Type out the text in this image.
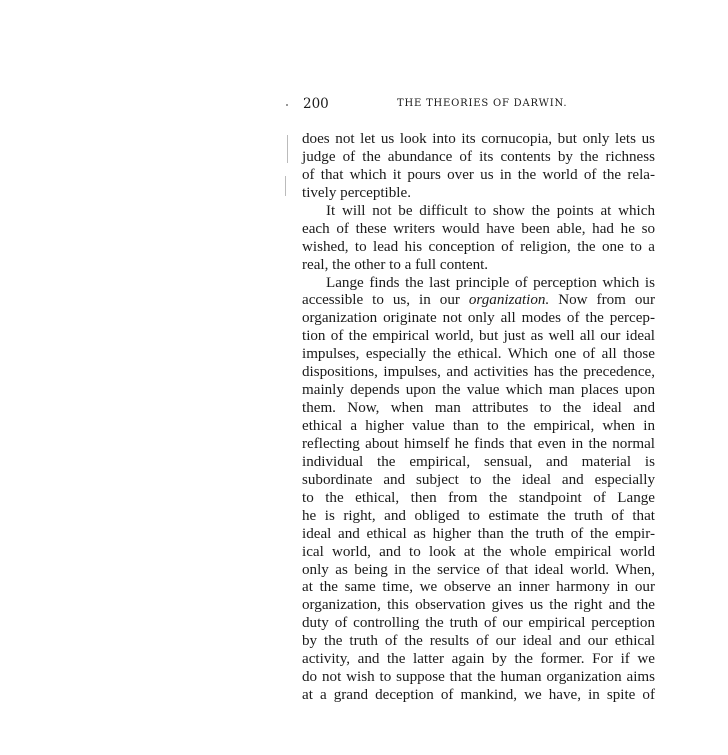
200	THE THEORIES OF DARWIN.
does not let us look into its cornucopia, but only lets us
judge of the abundance of its contents by the richness
of that which it pours over us in the world of the rela-
tively perceptible.
It will not be difficult to show the points at which
each of these writers would have been able, had he so
wished, to lead his conception of religion, the one to a
real, the other to a full content.
Lange finds the last principle of perception which is
accessible to us, in our organization. Now from our
organization originate not only all modes of the percep-
tion of the empirical world, but just as well all our ideal
impulses, especially the ethical. Which one of all those
dispositions, impulses, and activities has the precedence,
mainly depends upon the value which man places upon
them. Now, when man attributes to the ideal and
ethical a higher value than to the empirical, when in
reflecting about himself he finds that even in the normal
individual the empirical, sensual, and material is
subordinate and subject to the ideal and especially
to the ethical, then from the standpoint of Lange
he is right, and obliged to estimate the truth of that
ideal and ethical as higher than the truth of the empir-
ical world, and to look at the whole empirical world
only as being in the service of that ideal world. When,
at the same time, we observe an inner harmony in our
organization, this observation gives us the right and the
duty of controlling the truth of our empirical perception
by the truth of the results of our ideal and our ethical
activity, and the latter again by the former. For if we
do not wish to suppose that the human organization aims
at a grand deception of mankind, we have, in spite of
